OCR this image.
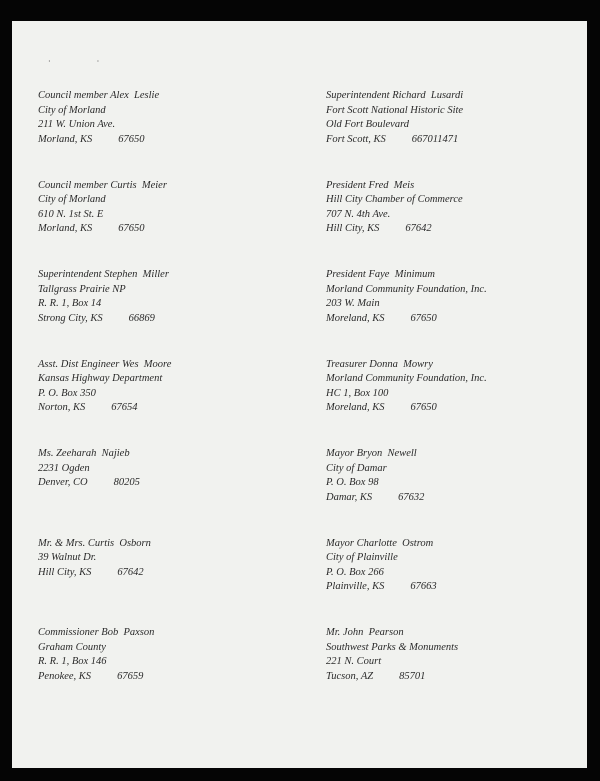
· ·
Council member Alex  Leslie
City of Morland
211 W. Union Ave.
Morland, KS 67650
Council member Curtis  Meier
City of Morland
610 N. 1st St. E
Morland, KS 67650
Superintendent Stephen  Miller
Tallgrass Prairie NP
R. R. 1, Box 14
Strong City, KS 66869
Asst. Dist Engineer Wes  Moore
Kansas Highway Department
P. O. Box 350
Norton, KS 67654
Ms. Zeeharah  Najieb
2231 Ogden
Denver, CO 80205
Mr. & Mrs. Curtis  Osborn
39 Walnut Dr.
Hill City, KS 67642
Commissioner Bob  Paxson
Graham County
R. R. 1, Box 146
Penokee, KS 67659
Superintendent Richard  Lusardi
Fort Scott National Historic Site
Old Fort Boulevard
Fort Scott, KS 667011471
President Fred  Meis
Hill City Chamber of Commerce
707 N. 4th Ave.
Hill City, KS 67642
President Faye  Minimum
Morland Community Foundation, Inc.
203 W. Main
Moreland, KS 67650
Treasurer Donna  Mowry
Morland Community Foundation, Inc.
HC 1, Box 100
Moreland, KS 67650
Mayor Bryon  Newell
City of Damar
P. O. Box 98
Damar, KS 67632
Mayor Charlotte  Ostrom
City of Plainville
P. O. Box 266
Plainville, KS 67663
Mr. John  Pearson
Southwest Parks & Monuments
221 N. Court
Tucson, AZ 85701
